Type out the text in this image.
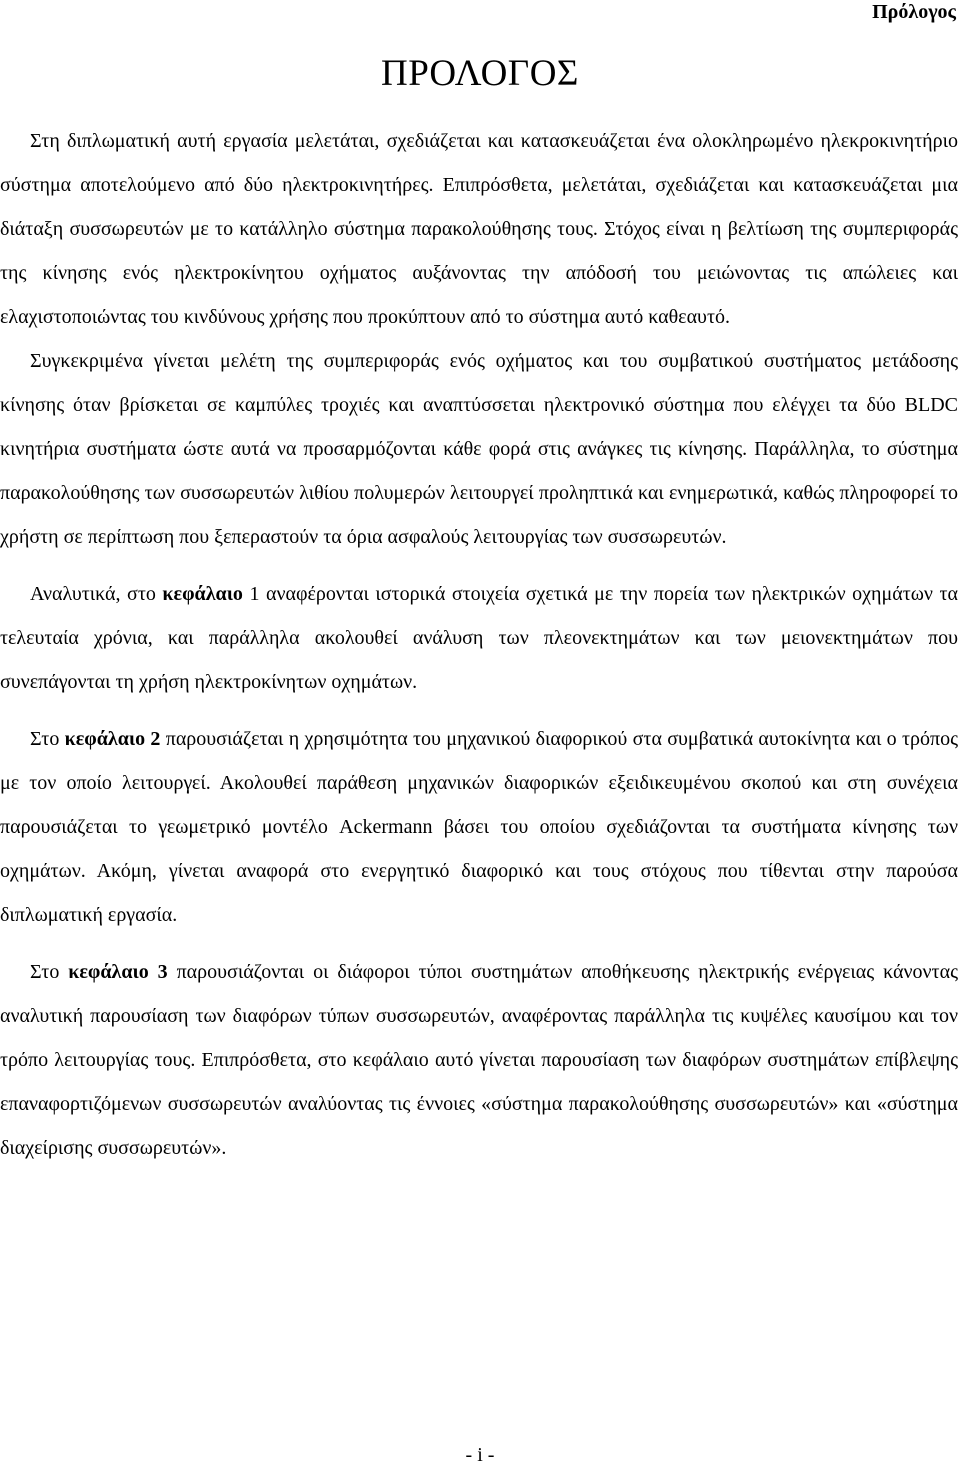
Πρόλογος
ΠΡΟΛΟΓΟΣ

Στη διπλωματική αυτή εργασία μελετάται, σχεδιάζεται και κατασκευάζεται ένα ολοκληρωμένο ηλεκροκινητήριο σύστημα αποτελούμενο από δύο ηλεκτροκινητήρες. Επιπρόσθετα, μελετάται, σχεδιάζεται και κατασκευάζεται μια διάταξη συσσωρευτών με το κατάλληλο σύστημα παρακολούθησης τους. Στόχος είναι η βελτίωση της συμπεριφοράς της κίνησης ενός ηλεκτροκίνητου οχήματος αυξάνοντας την απόδοσή του μειώνοντας τις απώλειες και ελαχιστοποιώντας του κινδύνους χρήσης που προκύπτουν από το σύστημα αυτό καθεαυτό.

Συγκεκριμένα γίνεται μελέτη της συμπεριφοράς ενός οχήματος και του συμβατικού συστήματος μετάδοσης κίνησης όταν βρίσκεται σε καμπύλες τροχιές και αναπτύσσεται ηλεκτρονικό σύστημα που ελέγχει τα δύο BLDC κινητήρια συστήματα ώστε αυτά να προσαρμόζονται κάθε φορά στις ανάγκες τις κίνησης. Παράλληλα, το σύστημα παρακολούθησης των συσσωρευτών λιθίου πολυμερών λειτουργεί προληπτικά και ενημερωτικά, καθώς πληροφορεί το χρήστη σε περίπτωση που ξεπεραστούν τα όρια ασφαλούς λειτουργίας των συσσωρευτών.

Αναλυτικά, στο κεφάλαιο 1 αναφέρονται ιστορικά στοιχεία σχετικά με την πορεία των ηλεκτρικών οχημάτων τα τελευταία χρόνια, και παράλληλα ακολουθεί ανάλυση των πλεονεκτημάτων και των μειονεκτημάτων που συνεπάγονται τη χρήση ηλεκτροκίνητων οχημάτων.

Στο κεφάλαιο 2 παρουσιάζεται η χρησιμότητα του μηχανικού διαφορικού στα συμβατικά αυτοκίνητα και ο τρόπος με τον οποίο λειτουργεί. Ακολουθεί παράθεση μηχανικών διαφορικών εξειδικευμένου σκοπού και στη συνέχεια παρουσιάζεται το γεωμετρικό μοντέλο Ackermann βάσει του οποίου σχεδιάζονται τα συστήματα κίνησης των οχημάτων. Ακόμη, γίνεται αναφορά στο ενεργητικό διαφορικό και τους στόχους που τίθενται στην παρούσα διπλωματική εργασία.

Στο κεφάλαιο 3 παρουσιάζονται οι διάφοροι τύποι συστημάτων αποθήκευσης ηλεκτρικής ενέργειας κάνοντας αναλυτική παρουσίαση των διαφόρων τύπων συσσωρευτών, αναφέροντας παράλληλα τις κυψέλες καυσίμου και τον τρόπο λειτουργίας τους. Επιπρόσθετα, στο κεφάλαιο αυτό γίνεται παρουσίαση των διαφόρων συστημάτων επίβλεψης επαναφορτιζόμενων συσσωρευτών αναλύοντας τις έννοιες «σύστημα παρακολούθησης συσσωρευτών» και «σύστημα διαχείρισης συσσωρευτών».

- i -
